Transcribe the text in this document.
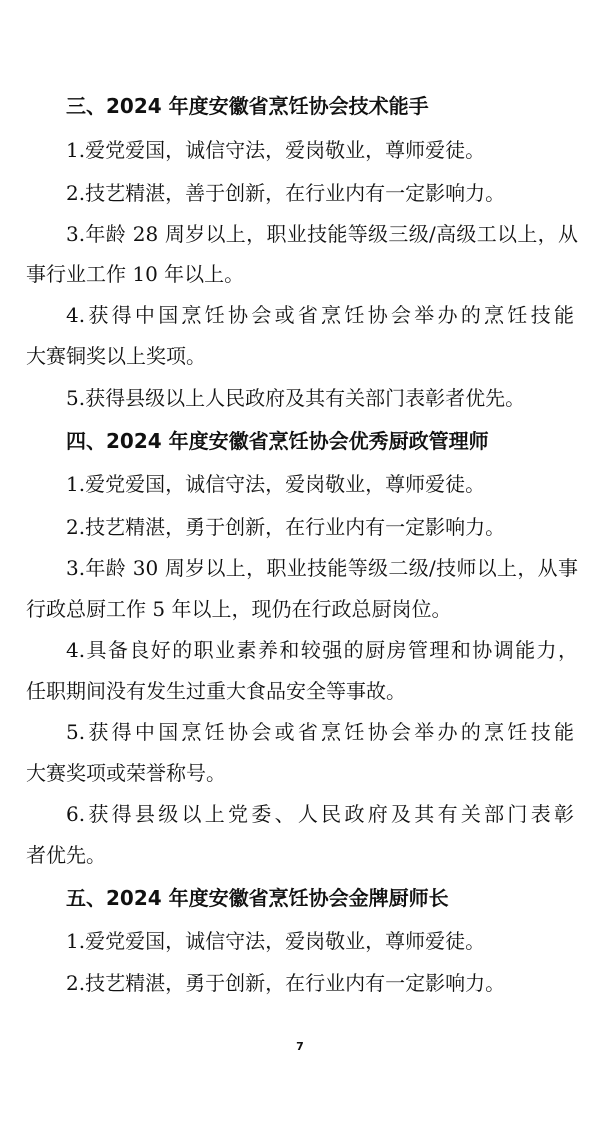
三、2024 年度安徽省烹饪协会技术能手
1.爱党爱国，诚信守法，爱岗敬业，尊师爱徒。
2.技艺精湛，善于创新，在行业内有一定影响力。
3.年龄 28 周岁以上，职业技能等级三级/高级工以上，从
事行业工作 10 年以上。
4.获得中国烹饪协会或省烹饪协会举办的烹饪技能
大赛铜奖以上奖项。
5.获得县级以上人民政府及其有关部门表彰者优先。
四、2024 年度安徽省烹饪协会优秀厨政管理师
1.爱党爱国，诚信守法，爱岗敬业，尊师爱徒。
2.技艺精湛，勇于创新，在行业内有一定影响力。
3.年龄 30 周岁以上，职业技能等级二级/技师以上，从事
行政总厨工作 5 年以上，现仍在行政总厨岗位。
4.具备良好的职业素养和较强的厨房管理和协调能力，
任职期间没有发生过重大食品安全等事故。
5.获得中国烹饪协会或省烹饪协会举办的烹饪技能
大赛奖项或荣誉称号。
6.获得县级以上党委、人民政府及其有关部门表彰
者优先。
五、2024 年度安徽省烹饪协会金牌厨师长
1.爱党爱国，诚信守法，爱岗敬业，尊师爱徒。
2.技艺精湛，勇于创新，在行业内有一定影响力。
7
